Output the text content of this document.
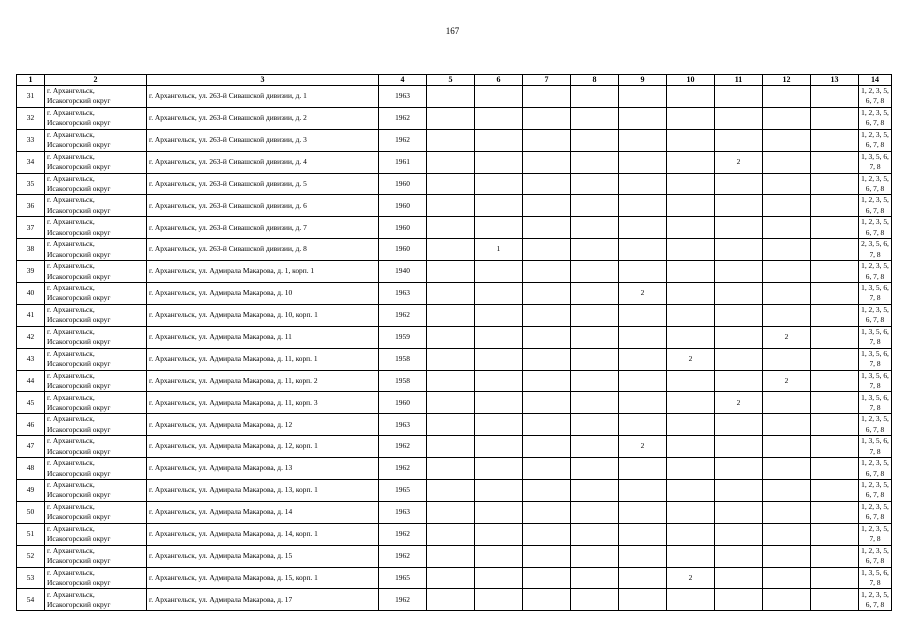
167
1	2	3	4	5	6	7	8	9	10	11	12	13	14
31	г. Архангельск,
Исакогорский округ	г. Архангельск, ул. 263-й Сивашской дивизии, д. 1	1963										1, 2, 3, 5, 6, 7, 8
32	г. Архангельск,
Исакогорский округ	г. Архангельск, ул. 263-й Сивашской дивизии, д. 2	1962										1, 2, 3, 5, 6, 7, 8
33	г. Архангельск,
Исакогорский округ	г. Архангельск, ул. 263-й Сивашской дивизии, д. 3	1962										1, 2, 3, 5, 6, 7, 8
34	г. Архангельск,
Исакогорский округ	г. Архангельск, ул. 263-й Сивашской дивизии, д. 4	1961							2			1, 3, 5, 6, 7, 8
35	г. Архангельск,
Исакогорский округ	г. Архангельск, ул. 263-й Сивашской дивизии, д. 5	1960										1, 2, 3, 5, 6, 7, 8
36	г. Архангельск,
Исакогорский округ	г. Архангельск, ул. 263-й Сивашской дивизии, д. 6	1960										1, 2, 3, 5, 6, 7, 8
37	г. Архангельск,
Исакогорский округ	г. Архангельск, ул. 263-й Сивашской дивизии, д. 7	1960										1, 2, 3, 5, 6, 7, 8
38	г. Архангельск,
Исакогорский округ	г. Архангельск, ул. 263-й Сивашской дивизии, д. 8	1960		1								2, 3, 5, 6, 7, 8
39	г. Архангельск,
Исакогорский округ	г. Архангельск, ул. Адмирала Макарова, д. 1, корп. 1	1940										1, 2, 3, 5, 6, 7, 8
40	г. Архангельск,
Исакогорский округ	г. Архангельск, ул. Адмирала Макарова, д. 10	1963					2					1, 3, 5, 6, 7, 8
41	г. Архангельск,
Исакогорский округ	г. Архангельск, ул. Адмирала Макарова, д. 10, корп. 1	1962										1, 2, 3, 5, 6, 7, 8
42	г. Архангельск,
Исакогорский округ	г. Архангельск, ул. Адмирала Макарова, д. 11	1959								2		1, 3, 5, 6, 7, 8
43	г. Архангельск,
Исакогорский округ	г. Архангельск, ул. Адмирала Макарова, д. 11, корп. 1	1958						2				1, 3, 5, 6, 7, 8
44	г. Архангельск,
Исакогорский округ	г. Архангельск, ул. Адмирала Макарова, д. 11, корп. 2	1958								2		1, 3, 5, 6, 7, 8
45	г. Архангельск,
Исакогорский округ	г. Архангельск, ул. Адмирала Макарова, д. 11, корп. 3	1960							2			1, 3, 5, 6, 7, 8
46	г. Архангельск,
Исакогорский округ	г. Архангельск, ул. Адмирала Макарова, д. 12	1963										1, 2, 3, 5, 6, 7, 8
47	г. Архангельск,
Исакогорский округ	г. Архангельск, ул. Адмирала Макарова, д. 12, корп. 1	1962					2					1, 3, 5, 6, 7, 8
48	г. Архангельск,
Исакогорский округ	г. Архангельск, ул. Адмирала Макарова, д. 13	1962										1, 2, 3, 5, 6, 7, 8
49	г. Архангельск,
Исакогорский округ	г. Архангельск, ул. Адмирала Макарова, д. 13, корп. 1	1965										1, 2, 3, 5, 6, 7, 8
50	г. Архангельск,
Исакогорский округ	г. Архангельск, ул. Адмирала Макарова, д. 14	1963										1, 2, 3, 5, 6, 7, 8
51	г. Архангельск,
Исакогорский округ	г. Архангельск, ул. Адмирала Макарова, д. 14, корп. 1	1962										1, 2, 3, 5, 7, 8
52	г. Архангельск,
Исакогорский округ	г. Архангельск, ул. Адмирала Макарова, д. 15	1962										1, 2, 3, 5, 6, 7, 8
53	г. Архангельск,
Исакогорский округ	г. Архангельск, ул. Адмирала Макарова, д. 15, корп. 1	1965						2				1, 3, 5, 6, 7, 8
54	г. Архангельск,
Исакогорский округ	г. Архангельск, ул. Адмирала Макарова, д. 17	1962										1, 2, 3, 5, 6, 7, 8
